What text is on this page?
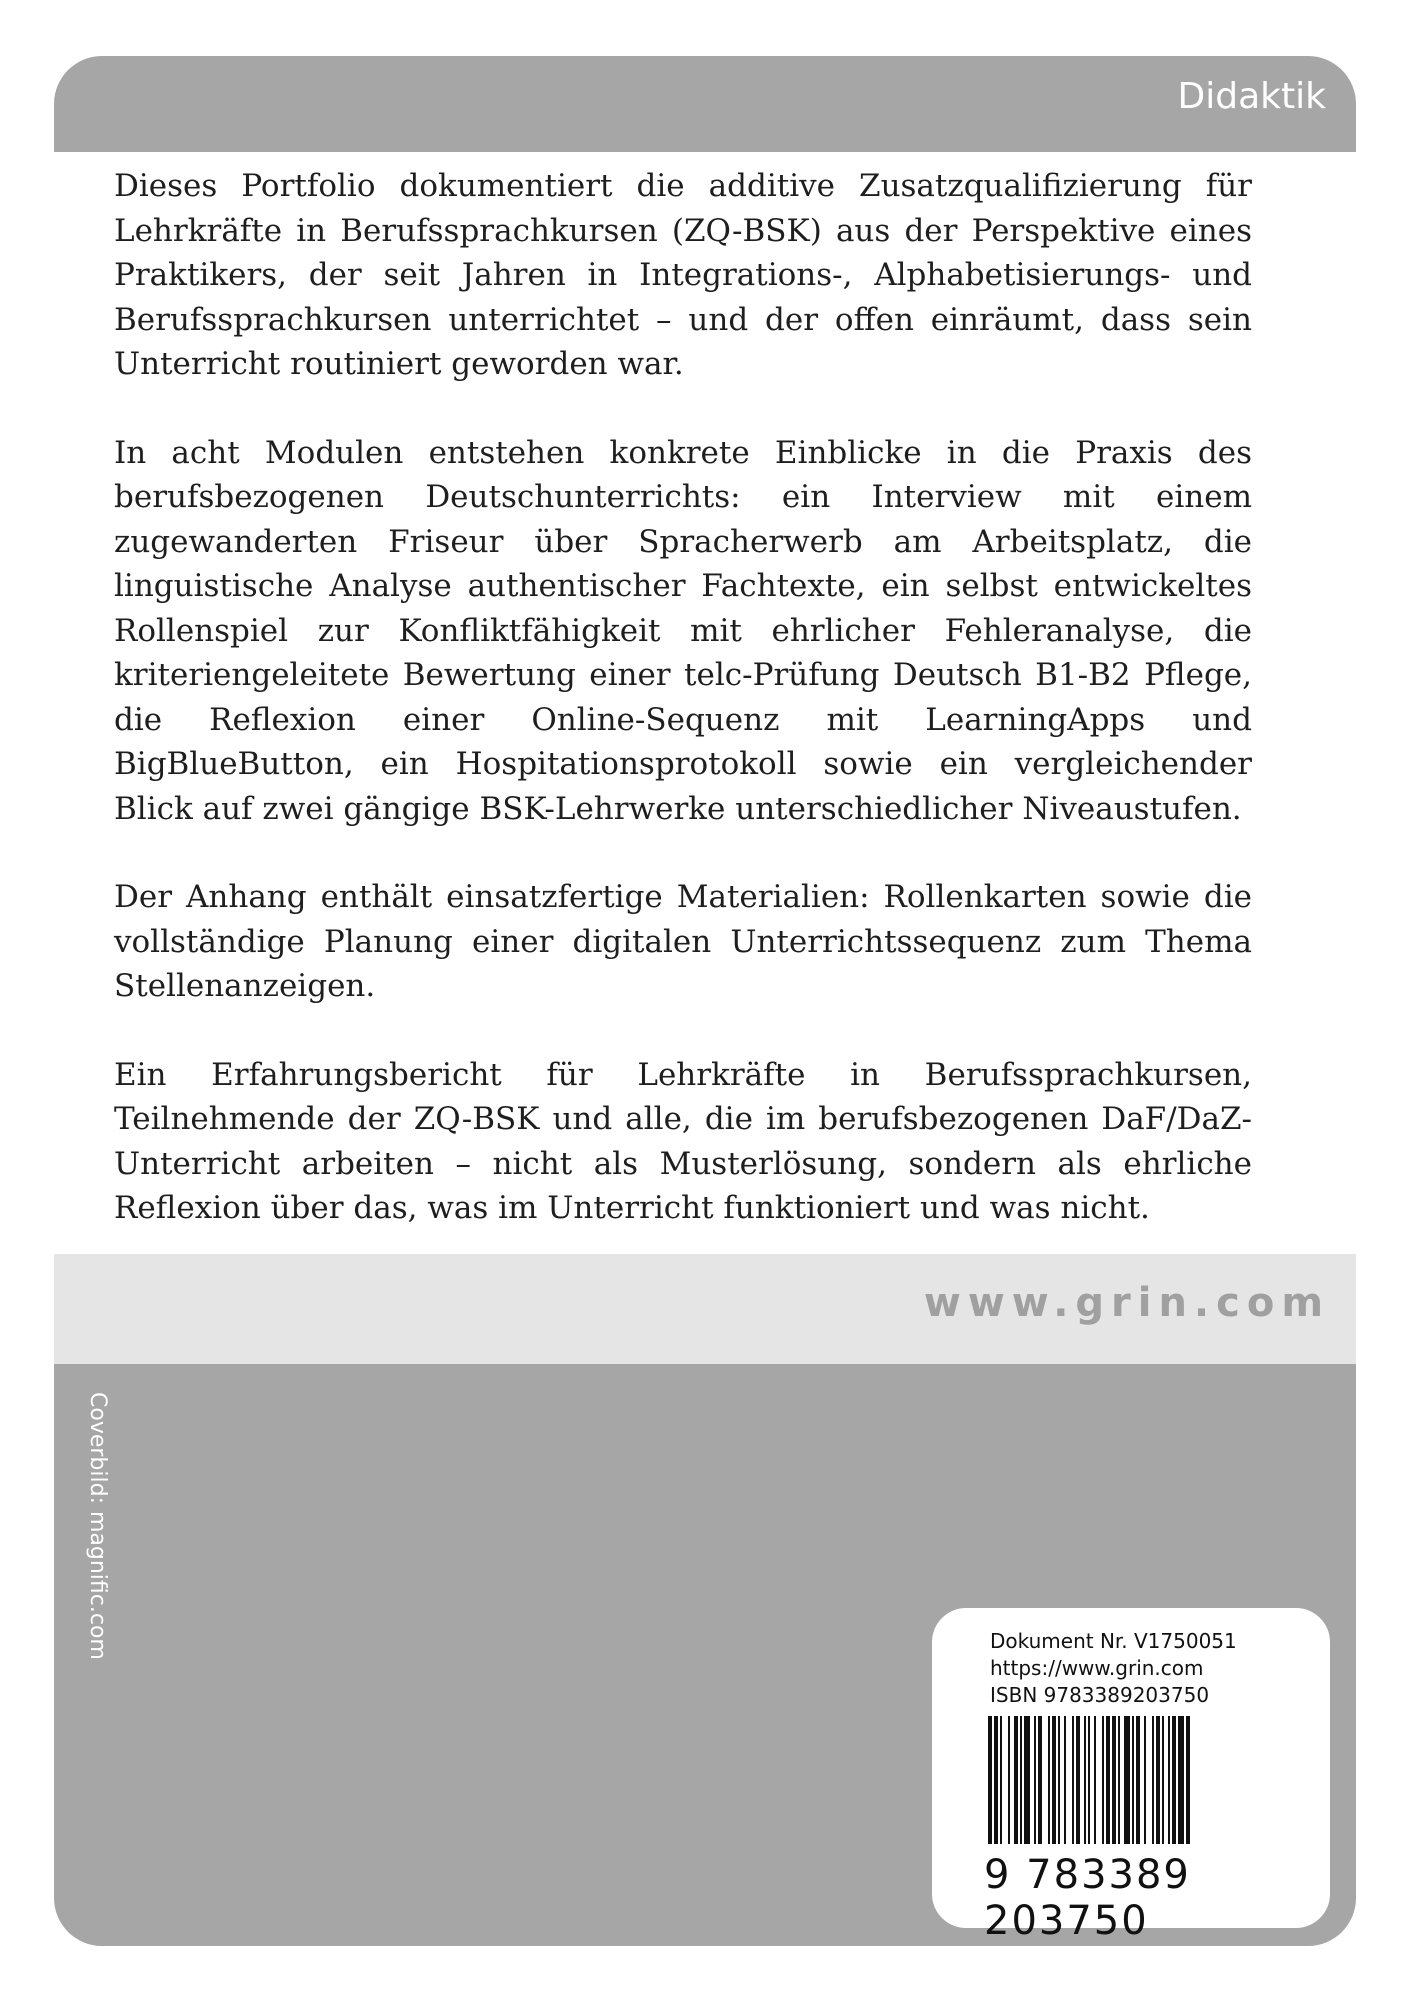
Didaktik

Dieses Portfolio dokumentiert die additive Zusatzqualifizierung für Lehrkräfte in Berufssprachkursen (ZQ-BSK) aus der Perspektive eines Praktikers, der seit Jahren in Integrations-, Alphabetisierungs- und Berufssprachkursen unterrichtet – und der offen einräumt, dass sein Unterricht routiniert geworden war.

In acht Modulen entstehen konkrete Einblicke in die Praxis des berufsbezogenen Deutschunterrichts: ein Interview mit einem zugewanderten Friseur über Spracherwerb am Arbeitsplatz, die linguistische Analyse authentischer Fachtexte, ein selbst entwickeltes Rollenspiel zur Konfliktfähigkeit mit ehrlicher Fehleranalyse, die kriteriengeleitete Bewertung einer telc-Prüfung Deutsch B1-B2 Pflege, die Reflexion einer Online-Sequenz mit LearningApps und BigBlueButton, ein Hospitationsprotokoll sowie ein vergleichender Blick auf zwei gängige BSK-Lehrwerke unterschiedlicher Niveaustufen.

Der Anhang enthält einsatzfertige Materialien: Rollenkarten sowie die vollständige Planung einer digitalen Unterrichtssequenz zum Thema Stellenanzeigen.

Ein Erfahrungsbericht für Lehrkräfte in Berufssprachkursen, Teilnehmende der ZQ-BSK und alle, die im berufsbezogenen DaF/DaZ-Unterricht arbeiten – nicht als Musterlösung, sondern als ehrliche Reflexion über das, was im Unterricht funktioniert und was nicht.

www.grin.com
Coverbild: magnific.com	Dokument Nr. V1750051
https://www.grin.com
ISBN 9783389203750
9 783389 203750
